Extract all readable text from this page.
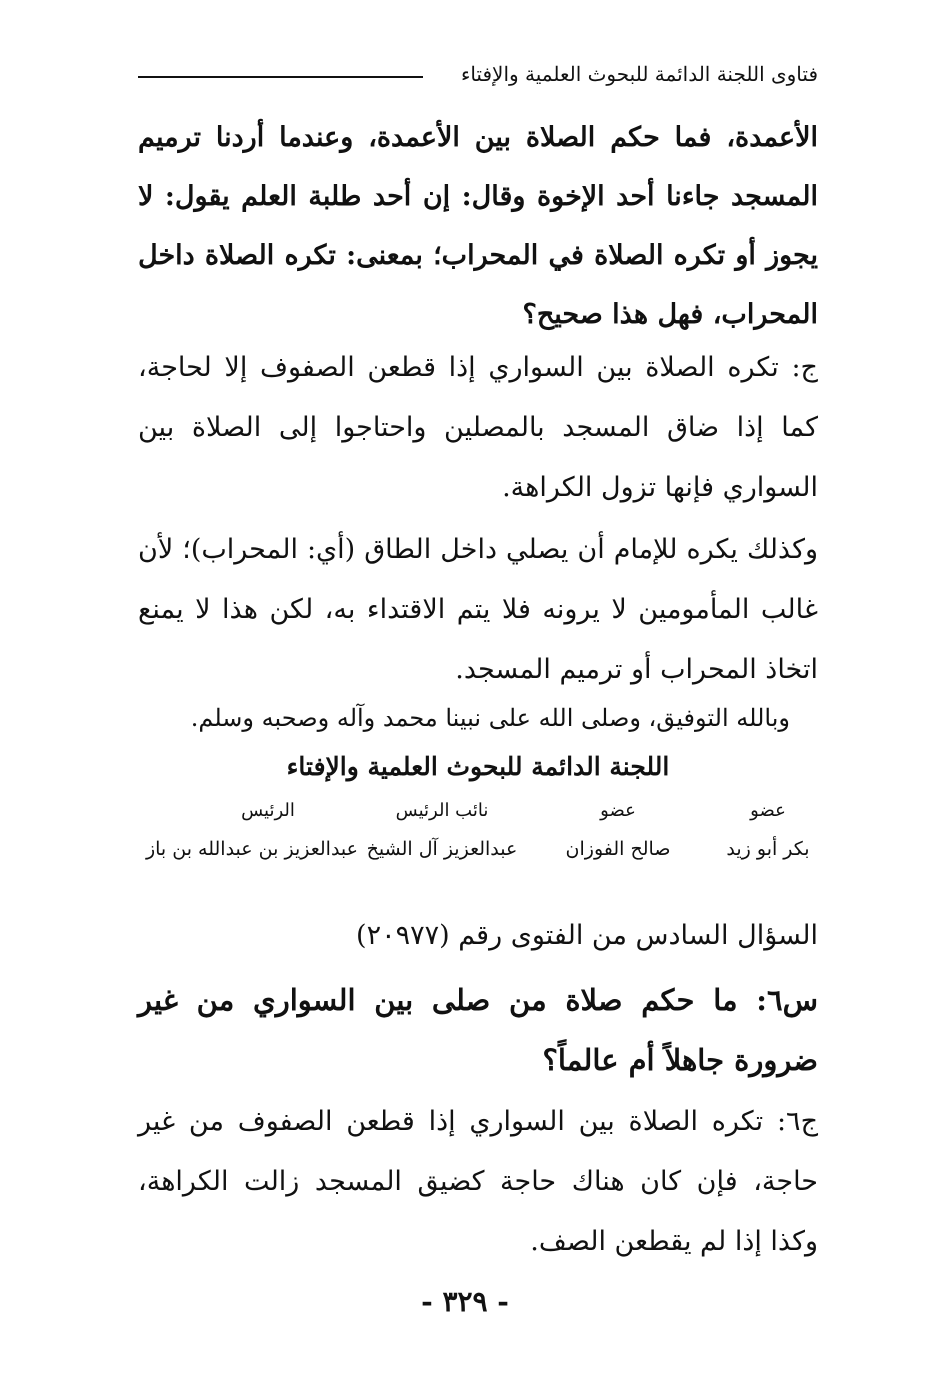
فتاوى اللجنة الدائمة للبحوث العلمية والإفتاء
الأعمدة، فما حكم الصلاة بين الأعمدة، وعندما أردنا ترميم المسجد جاءنا أحد الإخوة وقال: إن أحد طلبة العلم يقول: لا يجوز أو تكره الصلاة في المحراب؛ بمعنى: تكره الصلاة داخل المحراب، فهل هذا صحيح؟
ج: تكره الصلاة بين السواري إذا قطعن الصفوف إلا لحاجة، كما إذا ضاق المسجد بالمصلين واحتاجوا إلى الصلاة بين السواري فإنها تزول الكراهة.
وكذلك يكره للإمام أن يصلي داخل الطاق (أي: المحراب)؛ لأن غالب المأمومين لا يرونه فلا يتم الاقتداء به، لكن هذا لا يمنع اتخاذ المحراب أو ترميم المسجد.
وبالله التوفيق، وصلى الله على نبينا محمد وآله وصحبه وسلم.
اللجنة الدائمة للبحوث العلمية والإفتاء
عضو
بكر أبو زيد
عضو
صالح الفوزان
نائب الرئيس
عبدالعزيز آل الشيخ
الرئيس
عبدالعزيز بن عبدالله بن باز
السؤال السادس من الفتوى رقم (٢٠٩٧٧)
س٦: ما حكم صلاة من صلى بين السواري من غير ضرورة جاهلاً أم عالماً؟
ج٦: تكره الصلاة بين السواري إذا قطعن الصفوف من غير حاجة، فإن كان هناك حاجة كضيق المسجد زالت الكراهة، وكذا إذا لم يقطعن الصف.
- ٣٢٩ -
